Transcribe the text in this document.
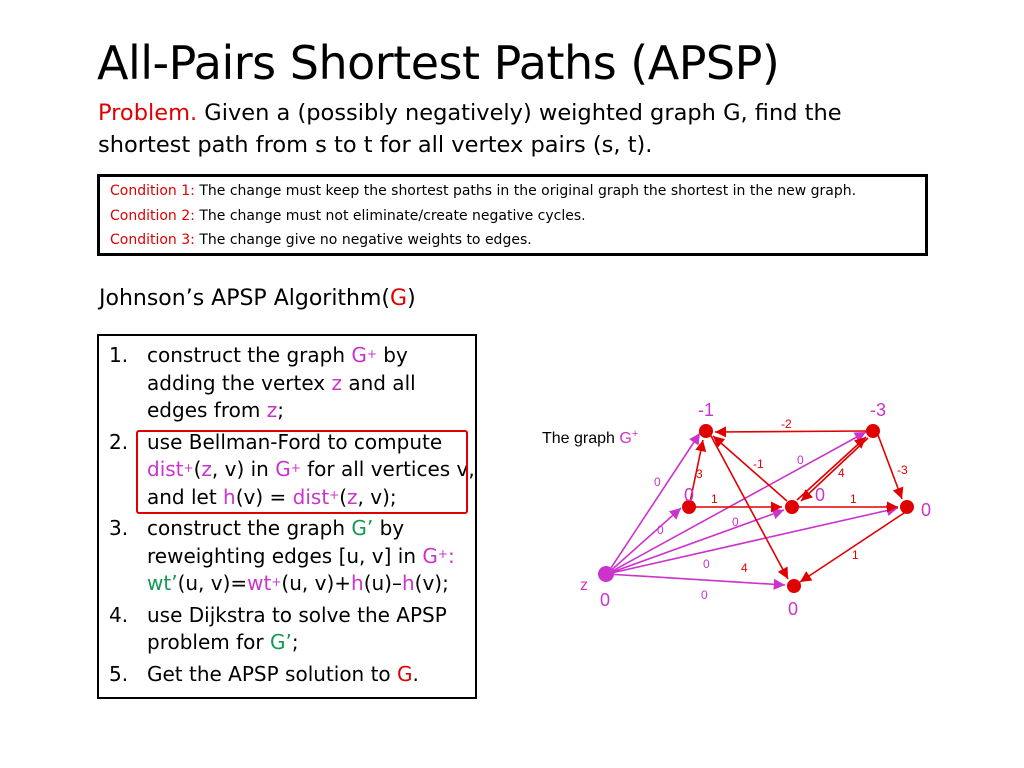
All-Pairs Shortest Paths (APSP)
Problem. Given a (possibly negatively) weighted graph G, find the shortest path from s to t for all vertex pairs (s, t).
Condition 1: The change must keep the shortest paths in the original graph the shortest in the new graph.
Condition 2: The change must not eliminate/create negative cycles.
Condition 3: The change give no negative weights to edges.
Johnson’s APSP Algorithm(G)
1. construct the graph G+ by adding the vertex z and all edges from z;
2. use Bellman-Ford to compute dist+(z, v) in G+ for all vertices v, and let h(v) = dist+(z, v);
3. construct the graph G’ by reweighting edges [u, v] in G+: wt’(u, v)=wt+(u, v)+h(u)–h(v);
4. use Dijkstra to solve the APSP problem for G’;
5. Get the APSP solution to G.
The graph G+
-1	-3
0	0
0
0
0
z
-2
3
1
-1
4
1
-3
4
1
0
0
0
0
0
0
